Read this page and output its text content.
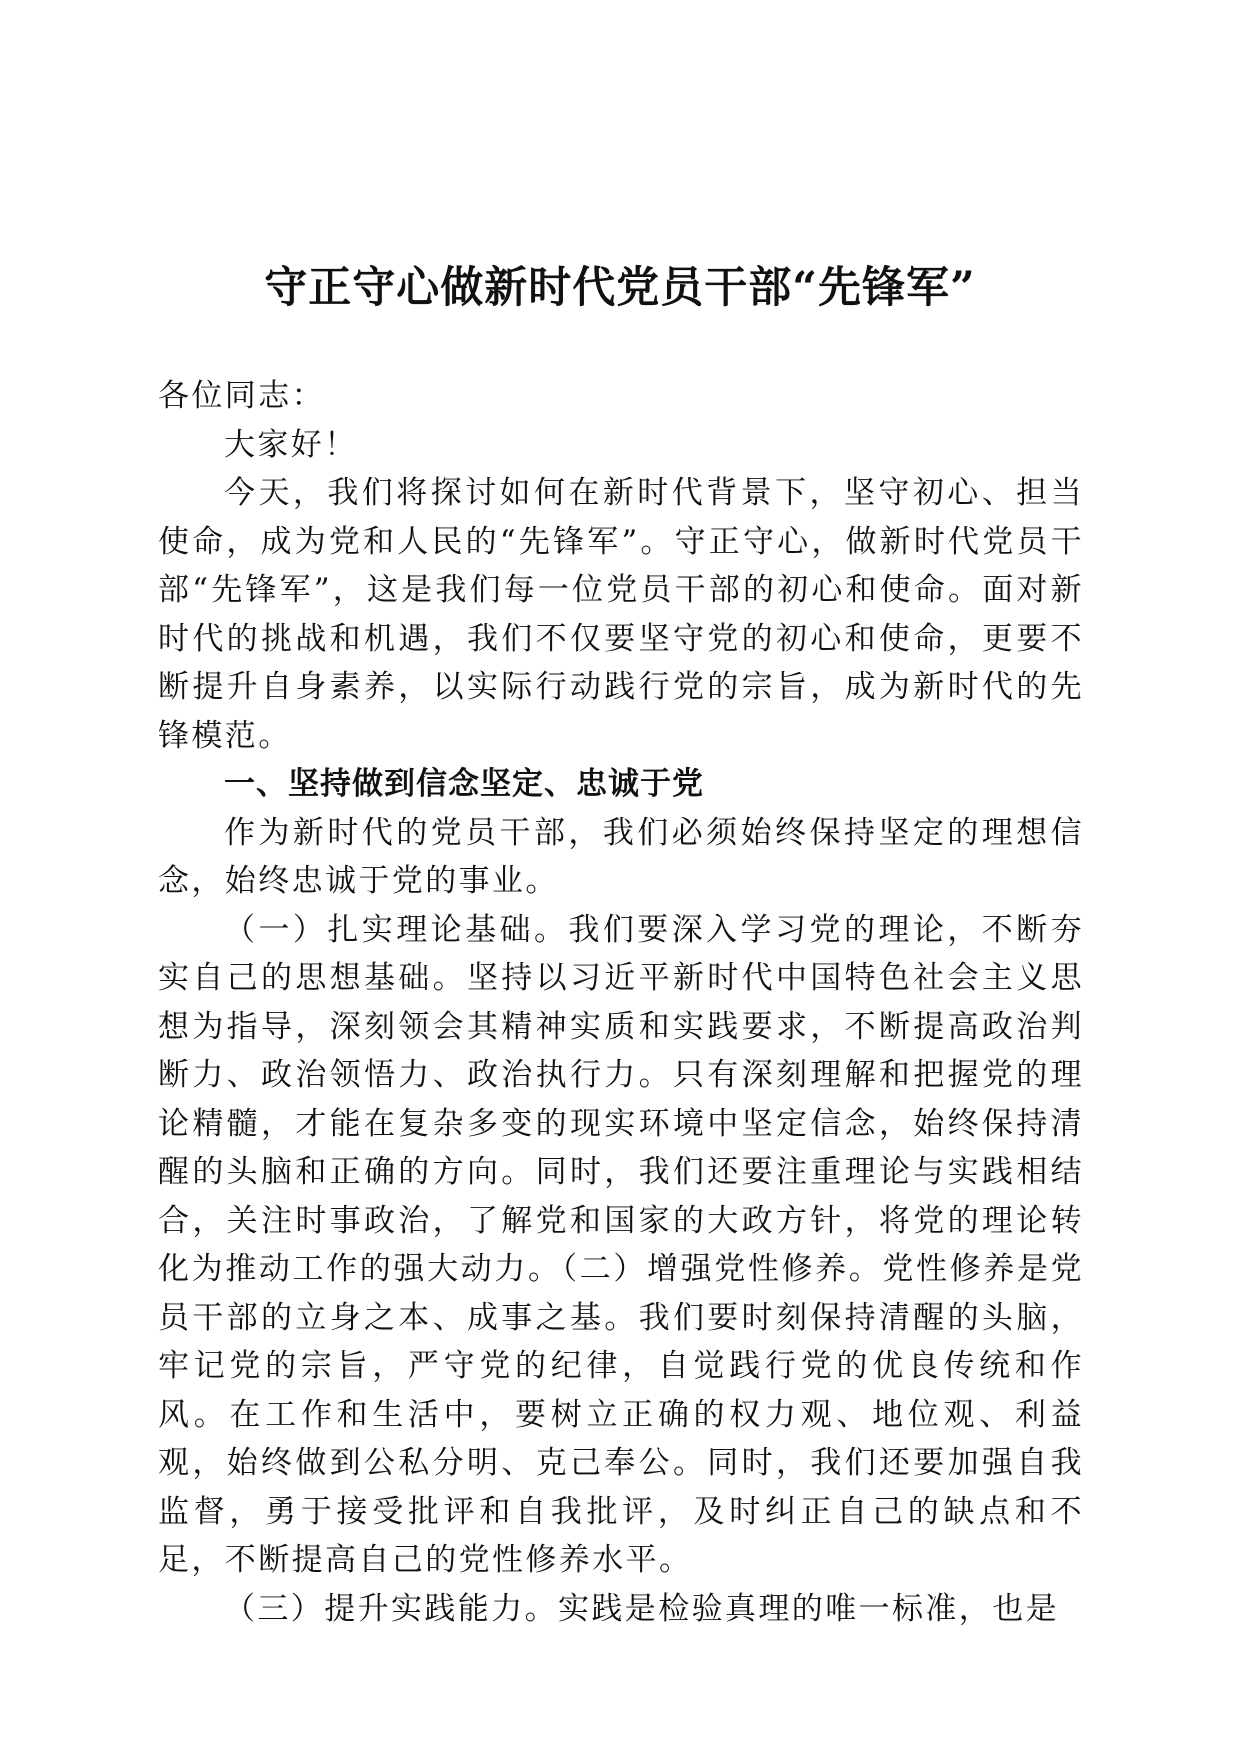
守正守心做新时代党员干部“先锋军”

各位同志：

大家好！

今天，我们将探讨如何在新时代背景下，坚守初心、担当使命，成为党和人民的“先锋军”。守正守心，做新时代党员干部“先锋军”，这是我们每一位党员干部的初心和使命。面对新时代的挑战和机遇，我们不仅要坚守党的初心和使命，更要不断提升自身素养，以实际行动践行党的宗旨，成为新时代的先锋模范。

一、坚持做到信念坚定、忠诚于党

作为新时代的党员干部，我们必须始终保持坚定的理想信念，始终忠诚于党的事业。

（一）扎实理论基础。我们要深入学习党的理论，不断夯实自己的思想基础。坚持以习近平新时代中国特色社会主义思想为指导，深刻领会其精神实质和实践要求，不断提高政治判断力、政治领悟力、政治执行力。只有深刻理解和把握党的理论精髓，才能在复杂多变的现实环境中坚定信念，始终保持清醒的头脑和正确的方向。同时，我们还要注重理论与实践相结合，关注时事政治，了解党和国家的大政方针，将党的理论转化为推动工作的强大动力。（二）增强党性修养。党性修养是党员干部的立身之本、成事之基。我们要时刻保持清醒的头脑，牢记党的宗旨，严守党的纪律，自觉践行党的优良传统和作风。在工作和生活中，要树立正确的权力观、地位观、利益观，始终做到公私分明、克己奉公。同时，我们还要加强自我监督，勇于接受批评和自我批评，及时纠正自己的缺点和不足，不断提高自己的党性修养水平。

（三）提升实践能力。实践是检验真理的唯一标准，也是
